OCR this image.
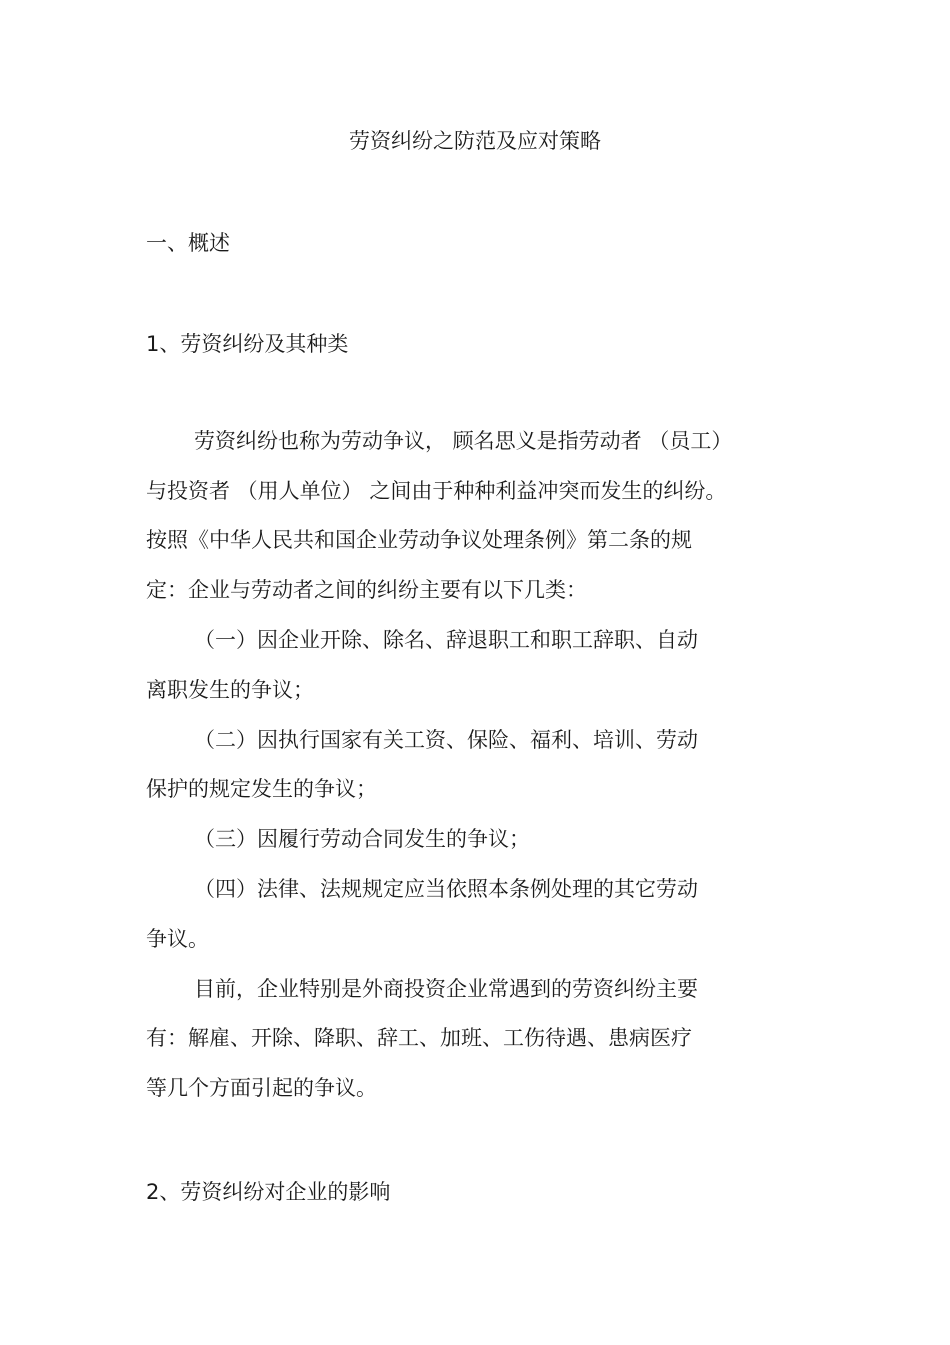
劳资纠纷之防范及应对策略
一、概述
1、劳资纠纷及其种类
劳资纠纷也称为劳动争议， 顾名思义是指劳动者 （员工）
与投资者 （用人单位） 之间由于种种利益冲突而发生的纠纷。
按照《中华人民共和国企业劳动争议处理条例》第二条的规
定：企业与劳动者之间的纠纷主要有以下几类：
（一）因企业开除、除名、辞退职工和职工辞职、自动
离职发生的争议；
（二）因执行国家有关工资、保险、福利、培训、劳动
保护的规定发生的争议；
（三）因履行劳动合同发生的争议；
（四）法律、法规规定应当依照本条例处理的其它劳动
争议。
目前，企业特别是外商投资企业常遇到的劳资纠纷主要
有：解雇、开除、降职、辞工、加班、工伤待遇、患病医疗
等几个方面引起的争议。
2、劳资纠纷对企业的影响
